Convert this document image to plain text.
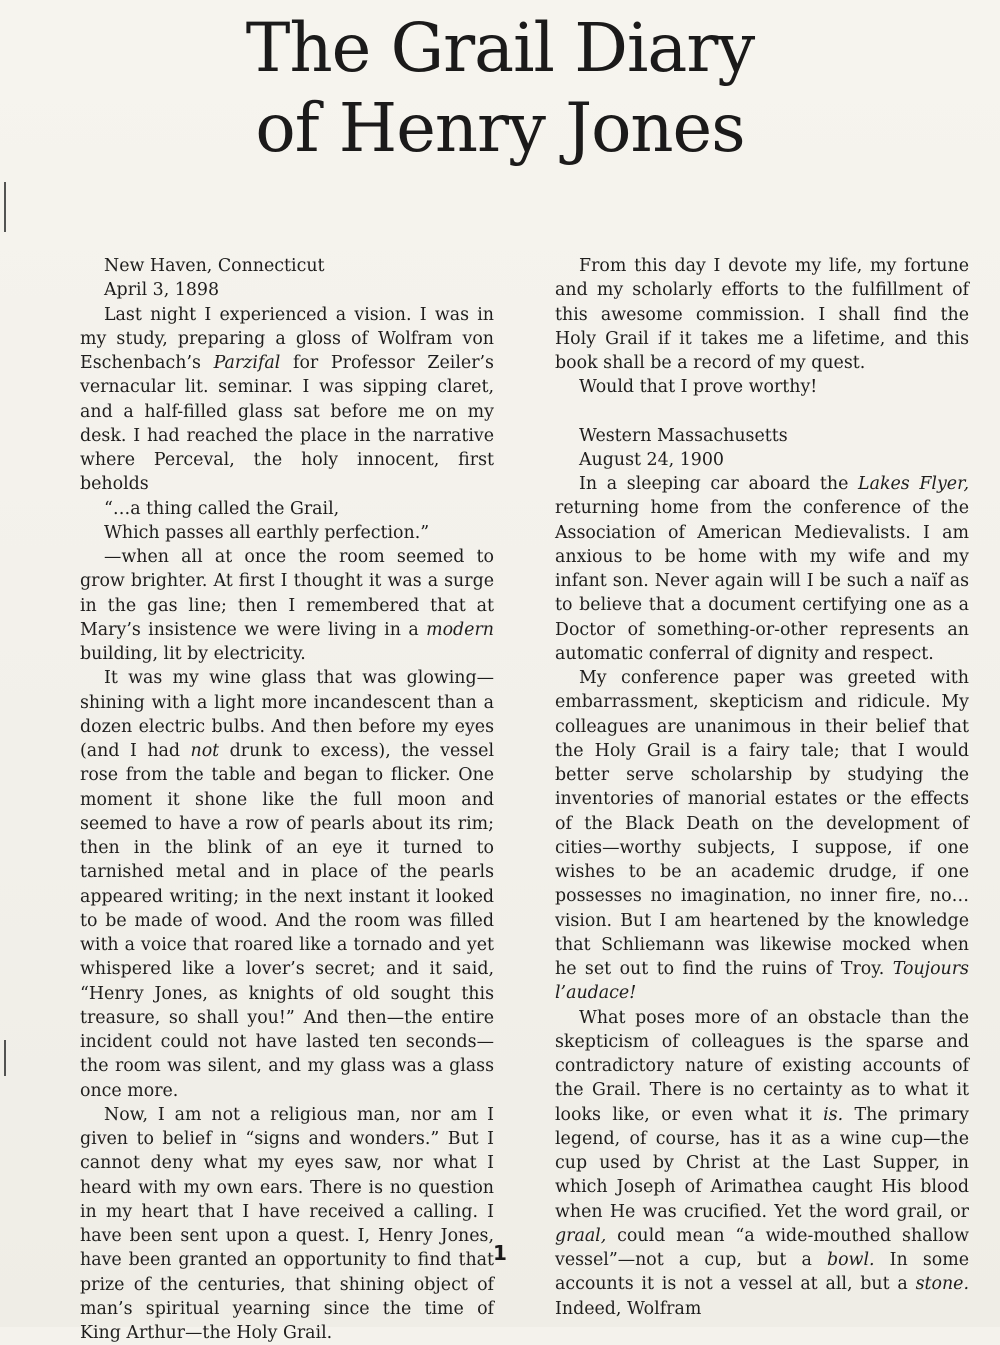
The Grail Diary
of Henry Jones

New Haven, Connecticut

April 3, 1898

Last night I experienced a vision. I was in my study, preparing a gloss of Wolfram von Eschenbach’s Parzifal for Professor Zeiler’s vernacular lit. seminar. I was sipping claret, and a half-filled glass sat before me on my desk. I had reached the place in the narrative where Perceval, the holy innocent, first beholds

“…a thing called the Grail,

Which passes all earthly perfection.”

—when all at once the room seemed to grow brighter. At first I thought it was a surge in the gas line; then I remembered that at Mary’s insistence we were living in a modern building, lit by electricity.

It was my wine glass that was glowing—shining with a light more incandescent than a dozen electric bulbs. And then before my eyes (and I had not drunk to excess), the vessel rose from the table and began to flicker. One moment it shone like the full moon and seemed to have a row of pearls about its rim; then in the blink of an eye it turned to tarnished metal and in place of the pearls appeared writing; in the next instant it looked to be made of wood. And the room was filled with a voice that roared like a tornado and yet whispered like a lover’s secret; and it said, “Henry Jones, as knights of old sought this treasure, so shall you!” And then—the entire incident could not have lasted ten seconds—the room was silent, and my glass was a glass once more.

Now, I am not a religious man, nor am I given to belief in “signs and wonders.” But I cannot deny what my eyes saw, nor what I heard with my own ears. There is no question in my heart that I have received a calling. I have been sent upon a quest. I, Henry Jones, have been granted an opportunity to find that prize of the centuries, that shining object of man’s spiritual yearning since the time of King Arthur—the Holy Grail.

From this day I devote my life, my fortune and my scholarly efforts to the fulfillment of this awesome commission. I shall find the Holy Grail if it takes me a lifetime, and this book shall be a record of my quest.

Would that I prove worthy!

Western Massachusetts

August 24, 1900

In a sleeping car aboard the Lakes Flyer, returning home from the conference of the Association of American Medievalists. I am anxious to be home with my wife and my infant son. Never again will I be such a naïf as to believe that a document certifying one as a Doctor of something-or-other represents an automatic conferral of dignity and respect.

My conference paper was greeted with embarrassment, skepticism and ridicule. My colleagues are unanimous in their belief that the Holy Grail is a fairy tale; that I would better serve scholarship by studying the inventories of manorial estates or the effects of the Black Death on the development of cities—worthy subjects, I suppose, if one wishes to be an academic drudge, if one possesses no imagination, no inner fire, no…vision. But I am heartened by the knowledge that Schliemann was likewise mocked when he set out to find the ruins of Troy. Toujours l’audace!

What poses more of an obstacle than the skepticism of colleagues is the sparse and contradictory nature of existing accounts of the Grail. There is no certainty as to what it looks like, or even what it is. The primary legend, of course, has it as a wine cup—the cup used by Christ at the Last Supper, in which Joseph of Arimathea caught His blood when He was crucified. Yet the word grail, or graal, could mean “a wide-mouthed shallow vessel”—not a cup, but a bowl. In some accounts it is not a vessel at all, but a stone. Indeed, Wolfram

1
